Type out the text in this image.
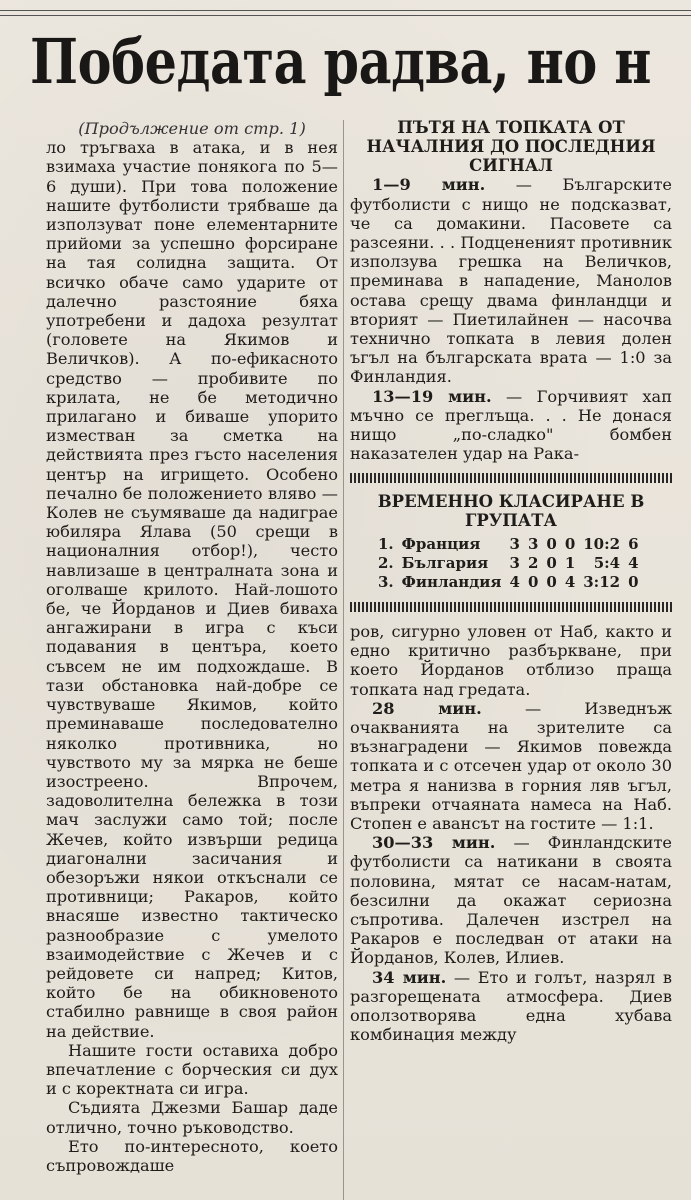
Победата радва, но н

(Продължение от стр. 1)

ло тръгваха в атака, и в нея взимаха участие понякога по 5—6 души). При това положение нашите футболисти трябваше да използуват поне елементарните прийоми за успешно форсиране на тая солидна защита. От всичко обаче само ударите от далечно разстояние бяха употребени и дадоха резултат (головете на Якимов и Величков). А по-ефикасното средство — пробивите по крилата, не бе методично прилагано и биваше упорито изместван за сметка на действията през гъсто населения център на игрището. Особено печално бе положението вляво — Колев не съумяваше да надиграе юбиляра Ялава (50 срещи в националния отбор!), често навлизаше в централната зона и оголваше крилото. Най-лошото бе, че Йорданов и Диев биваха ангажирани в игра с къси подавания в центъра, което съвсем не им подхождаше. В тази обстановка най-добре се чувствуваше Якимов, който преминаваше последователно няколко противника, но чувството му за мярка не беше изостреено. Впрочем, задоволителна бележка в този мач заслужи само той; после Жечев, който извърши редица диагонални засичания и обезоръжи някои откъснали се противници; Ракаров, който внасяше известно тактическо разнообразие с умелото взаимодействие с Жечев и с рейдовете си напред; Китов, който бе на обикновеното стабилно равнище в своя район на действие.

Нашите гости оставиха добро впечатление с борческия си дух и с коректната си игра.

Съдията Джезми Башар даде отлично, точно ръководство.

Ето по-интересното, което съпровождаше

ПЪТЯ НА ТОПКАТА ОТ НАЧАЛНИЯ ДО ПОСЛЕДНИЯ СИГНАЛ

1—9 мин. — Българските футболисти с нищо не подсказват, че са домакини. Пасовете са разсеяни. . . Подцененият противник използува грешка на Величков, преминава в нападение, Манолов остава срещу двама финландци и вторият — Пиетилайнен — насочва технично топката в левия долен ъгъл на българската врата — 1:0 за Финландия.

13—19 мин. — Горчивият хап мъчно се преглъща. . . Не донася нищо „по-сладко" бомбен наказателен удар на Рака-

ВРЕМЕННО КЛАСИРАНЕ В ГРУПАТА

1.	Франция	3	3	0	0	10:2	6
2.	България	3	2	0	1	5:4	4
3.	Финландия	4	0	0	4	3:12	0

ров, сигурно уловен от Наб, както и едно критично разбъркване, при което Йорданов отблизо праща топката над гредата.

28 мин. — Изведнъж очакванията на зрителите са възнаградени — Якимов повежда топката и с отсечен удар от около 30 метра я нанизва в горния ляв ъгъл, въпреки отчаяната намеса на Наб. Стопен е авансът на гостите — 1:1.

30—33 мин. — Финландските футболисти са натикани в своята половина, мятат се насам-натам, безсилни да окажат сериозна съпротива. Далечен изстрел на Ракаров е последван от атаки на Йорданов, Колев, Илиев.

34 мин. — Ето и голът, назрял в разгорещената атмосфера. Диев оползотворява една хубава комбинация между
